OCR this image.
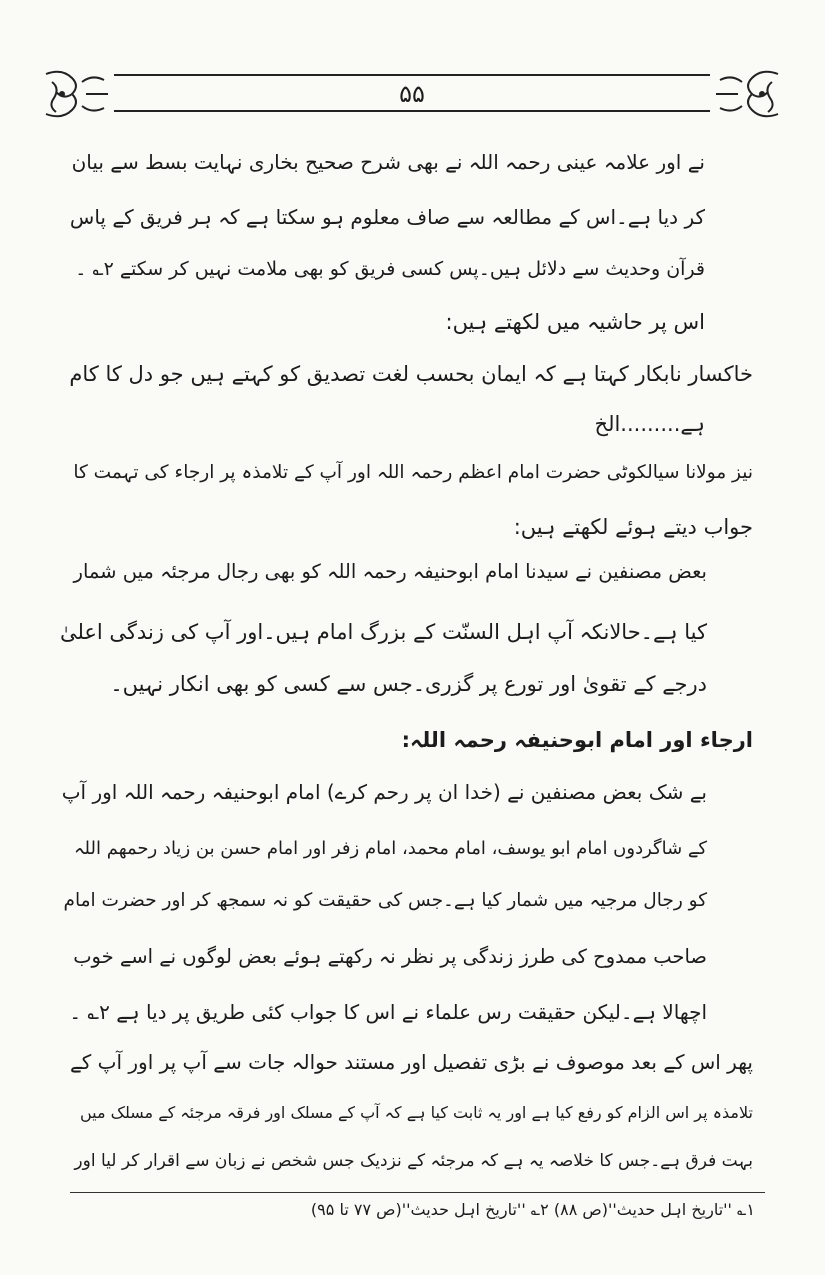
۵۵
نے اور علامہ عینی رحمہ اللہ نے بھی شرح صحیح بخاری نہایت بسط سے بیان
کر دیا ہے۔اس کے مطالعہ سے صاف معلوم ہو سکتا ہے کہ ہر فریق کے پاس
قرآن وحدیث سے دلائل ہیں۔پس کسی فریق کو بھی ملامت نہیں کر سکتے ۲؎ ۔
اس پر حاشیہ میں لکھتے ہیں:
خاکسار نابکار کہتا ہے کہ ایمان بحسب لغت تصدیق کو کہتے ہیں جو دل کا کام
ہے.........الخ
نیز مولانا سیالکوٹی حضرت امام اعظم رحمہ اللہ اور آپ کے تلامذہ پر ارجاء کی تہمت کا
جواب دیتے ہوئے لکھتے ہیں:
بعض مصنفین نے سیدنا امام ابوحنیفہ رحمہ اللہ کو بھی رجال مرجئہ میں شمار
کیا ہے۔حالانکہ آپ اہل السنّت کے بزرگ امام ہیں۔اور آپ کی زندگی اعلیٰ
درجے کے تقویٰ اور تورع پر گزری۔جس سے کسی کو بھی انکار نہیں۔
ارجاء اور امام ابوحنیفہ رحمہ اللہ:
بے شک بعض مصنفین نے (خدا ان پر رحم کرے) امام ابوحنیفہ رحمہ اللہ اور آپ
کے شاگردوں امام ابو یوسف، امام محمد، امام زفر اور امام حسن بن زیاد رحمھم اللہ
کو رجال مرجیہ میں شمار کیا ہے۔جس کی حقیقت کو نہ سمجھ کر اور حضرت امام
صاحب ممدوح کی طرز زندگی پر نظر نہ رکھتے ہوئے بعض لوگوں نے اسے خوب
اچھالا ہے۔لیکن حقیقت رس علماء نے اس کا جواب کئی طریق پر دیا ہے ۲؎ ۔
پھر اس کے بعد موصوف نے بڑی تفصیل اور مستند حوالہ جات سے آپ پر اور آپ کے
تلامذہ پر اس الزام کو رفع کیا ہے اور یہ ثابت کیا ہے کہ آپ کے مسلک اور فرقہ مرجئہ کے مسلک میں
بہت فرق ہے۔جس کا خلاصہ یہ ہے کہ مرجئہ کے نزدیک جس شخص نے زبان سے اقرار کر لیا اور
۱؎ ''تاریخ اہل حدیث''(ص ۸۸) ۲؎ ''تاریخ اہل حدیث''(ص ۷۷ تا ۹۵)
